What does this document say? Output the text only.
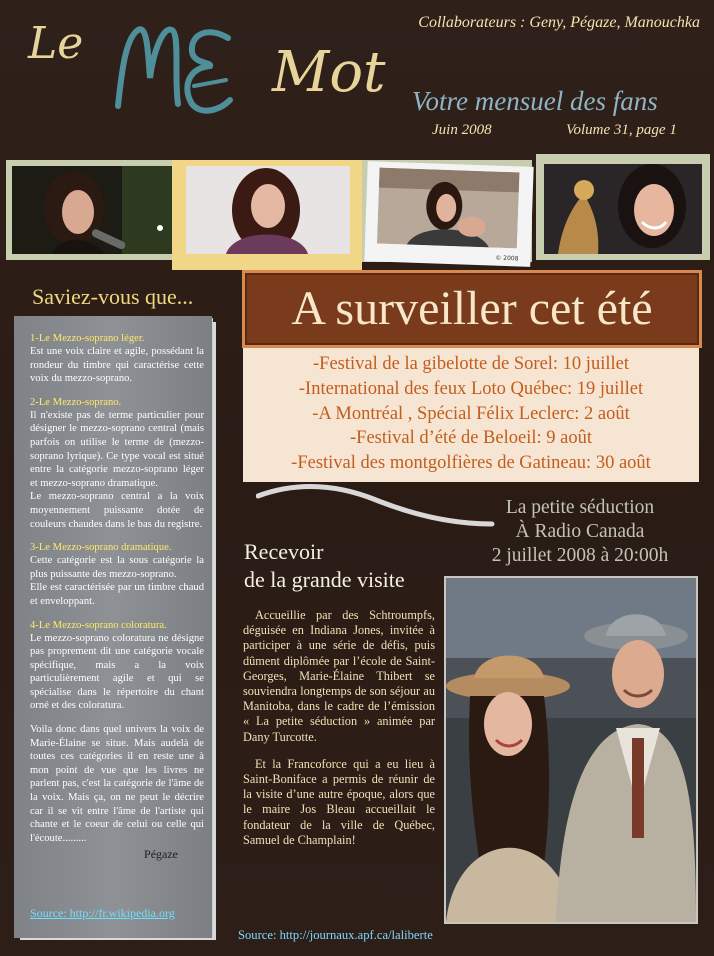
Le	Mot
Collaborateurs : Geny, Pégaze, Manouchka
Votre mensuel des fans
Juin 2008	Volume 31, page 1
© 2008
Saviez-vous que...
1-Le Mezzo-soprano léger.
Est une voix claire et agile, possédant la rondeur du timbre qui caractérise cette voix du mezzo-soprano.
2-Le Mezzo-soprano.
Il n'existe pas de terme particulier pour désigner le mezzo-soprano central (mais parfois on utilise le terme de (mezzo-soprano lyrique). Ce type vocal est situé entre la catégorie mezzo-soprano léger et mezzo-soprano dramatique.
Le mezzo-soprano central a la voix moyennement puissante dotée de couleurs chaudes dans le bas du registre.
3-Le Mezzo-soprano dramatique.
Cette catégorie est la sous catégorie la plus puissante des mezzo-soprano.
Elle est caractérisée par un timbre chaud et enveloppant.
4-Le Mezzo-soprano coloratura.
Le mezzo-soprano coloratura ne désigne pas proprement dit une catégorie vocale spécifique, mais a la voix particulièrement agile et qui se spécialise dans le répertoire du chant orné et des coloratura.
Voila donc dans quel univers la voix de Marie-Élaine se situe. Mais audelà de toutes ces catégories il en reste une à mon point de vue que les livres ne parlent pas, c'est la catégorie de l'âme de la voix. Mais ça, on ne peut le décrire car il se vit entre l'âme de l'artiste qui chante et le coeur de celui ou celle qui l'écoute.........
Pégaze
Source: http://fr.wikipedia.org
A surveiller cet été
-Festival de la gibelotte de Sorel: 10 juillet
-International des feux Loto Québec: 19 juillet
-A Montréal , Spécial Félix Leclerc: 2 août
-Festival d’été de Beloeil: 9 août
-Festival des montgolfières de Gatineau: 30 août
La petite séduction
À Radio Canada
2 juillet 2008 à 20:00h
Recevoir
de la grande visite

Accueillie par des Schtroumpfs, déguisée en Indiana Jones, invitée à participer à une série de défis, puis dûment diplômée par l’école de Saint-Georges, Marie-Élaine Thibert se souviendra longtemps de son séjour au Manitoba, dans le cadre de l’émission « La petite séduction » animée par Dany Turcotte.

Et la Francoforce qui a eu lieu à Saint-Boniface a permis de réunir de la visite d’une autre époque, alors que le maire Jos Bleau accueillait le fondateur de la ville de Québec, Samuel de Champlain!

Source: http://journaux.apf.ca/laliberte
